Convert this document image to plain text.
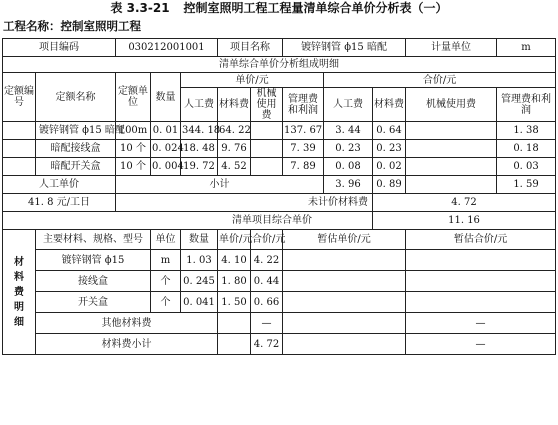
表 3.3-21 控制室照明工程工程量清单综合单价分析表（一）
工程名称：控制室照明工程
项目编码		030212001001			项目名称		镀锌钢管 ϕ15 暗配			计量单位	m
清单综合单价分析组成明细											
定额编号	定额名称	定额单位	数量	单价/元				合价/元			
				人工费	材料费	机械使用费	管理费和利润	人工费	材料费	机械使用费	管理费和利润
	镀锌钢管 ϕ15 暗配	100m	0. 01	344. 18	64. 22		137. 67	3. 44	0. 64		1. 38
	暗配接线盒	10 个	0. 024	18. 48	9. 76		7. 39	0. 23	0. 23		0. 18
	暗配开关盒	10 个	0. 004	19. 72	4. 52		7. 89	0. 08	0. 02		0. 03
人工单价		小计						3. 96	0. 89		1. 59
41. 8 元/工日		未计价材料费							4. 72		
清单项目综合单价									11. 16		

材料费明细	主要材料、规格、型号		单位	数量	单价/元	合价/元	暂估单价/元			暂估合价/元	
	镀锌钢管 ϕ15		m	1. 03	4. 10	4. 22					
	接线盒		个	0. 245	1. 80	0. 44					
	开关盒		个	0. 041	1. 50	0. 66					
	其他材料费					—				—	
	材料费小计					4. 72				—	
